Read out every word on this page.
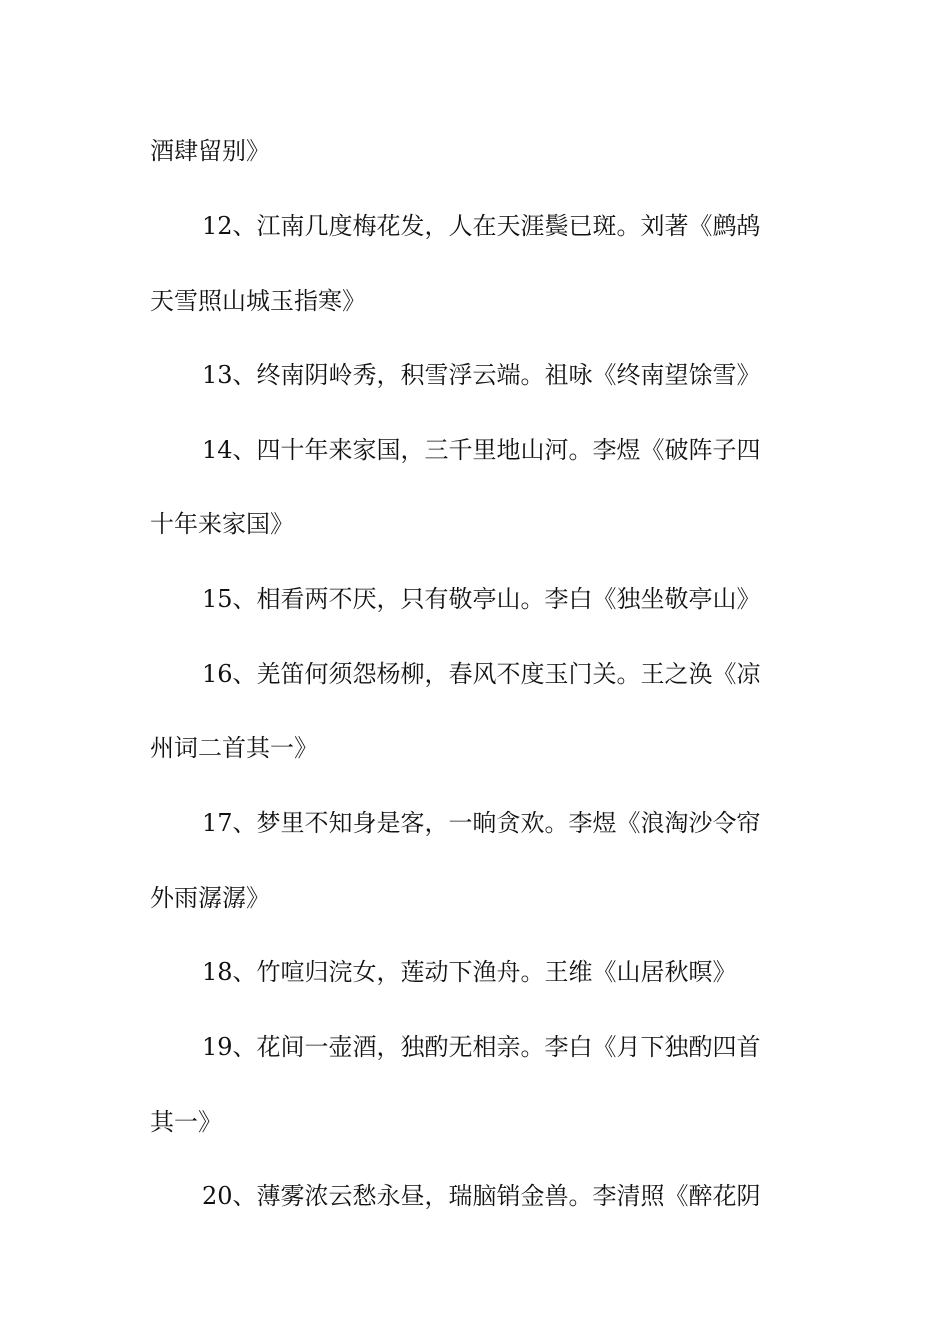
酒肆留别》
12、江南几度梅花发，人在天涯鬓已斑。刘著《鹧鸪
天雪照山城玉指寒》
13、终南阴岭秀，积雪浮云端。祖咏《终南望馀雪》
14、四十年来家国，三千里地山河。李煜《破阵子四
十年来家国》
15、相看两不厌，只有敬亭山。李白《独坐敬亭山》
16、羌笛何须怨杨柳，春风不度玉门关。王之涣《凉
州词二首其一》
17、梦里不知身是客，一晌贪欢。李煜《浪淘沙令帘
外雨潺潺》
18、竹喧归浣女，莲动下渔舟。王维《山居秋暝》
19、花间一壶酒，独酌无相亲。李白《月下独酌四首
其一》
20、薄雾浓云愁永昼，瑞脑销金兽。李清照《醉花阴
